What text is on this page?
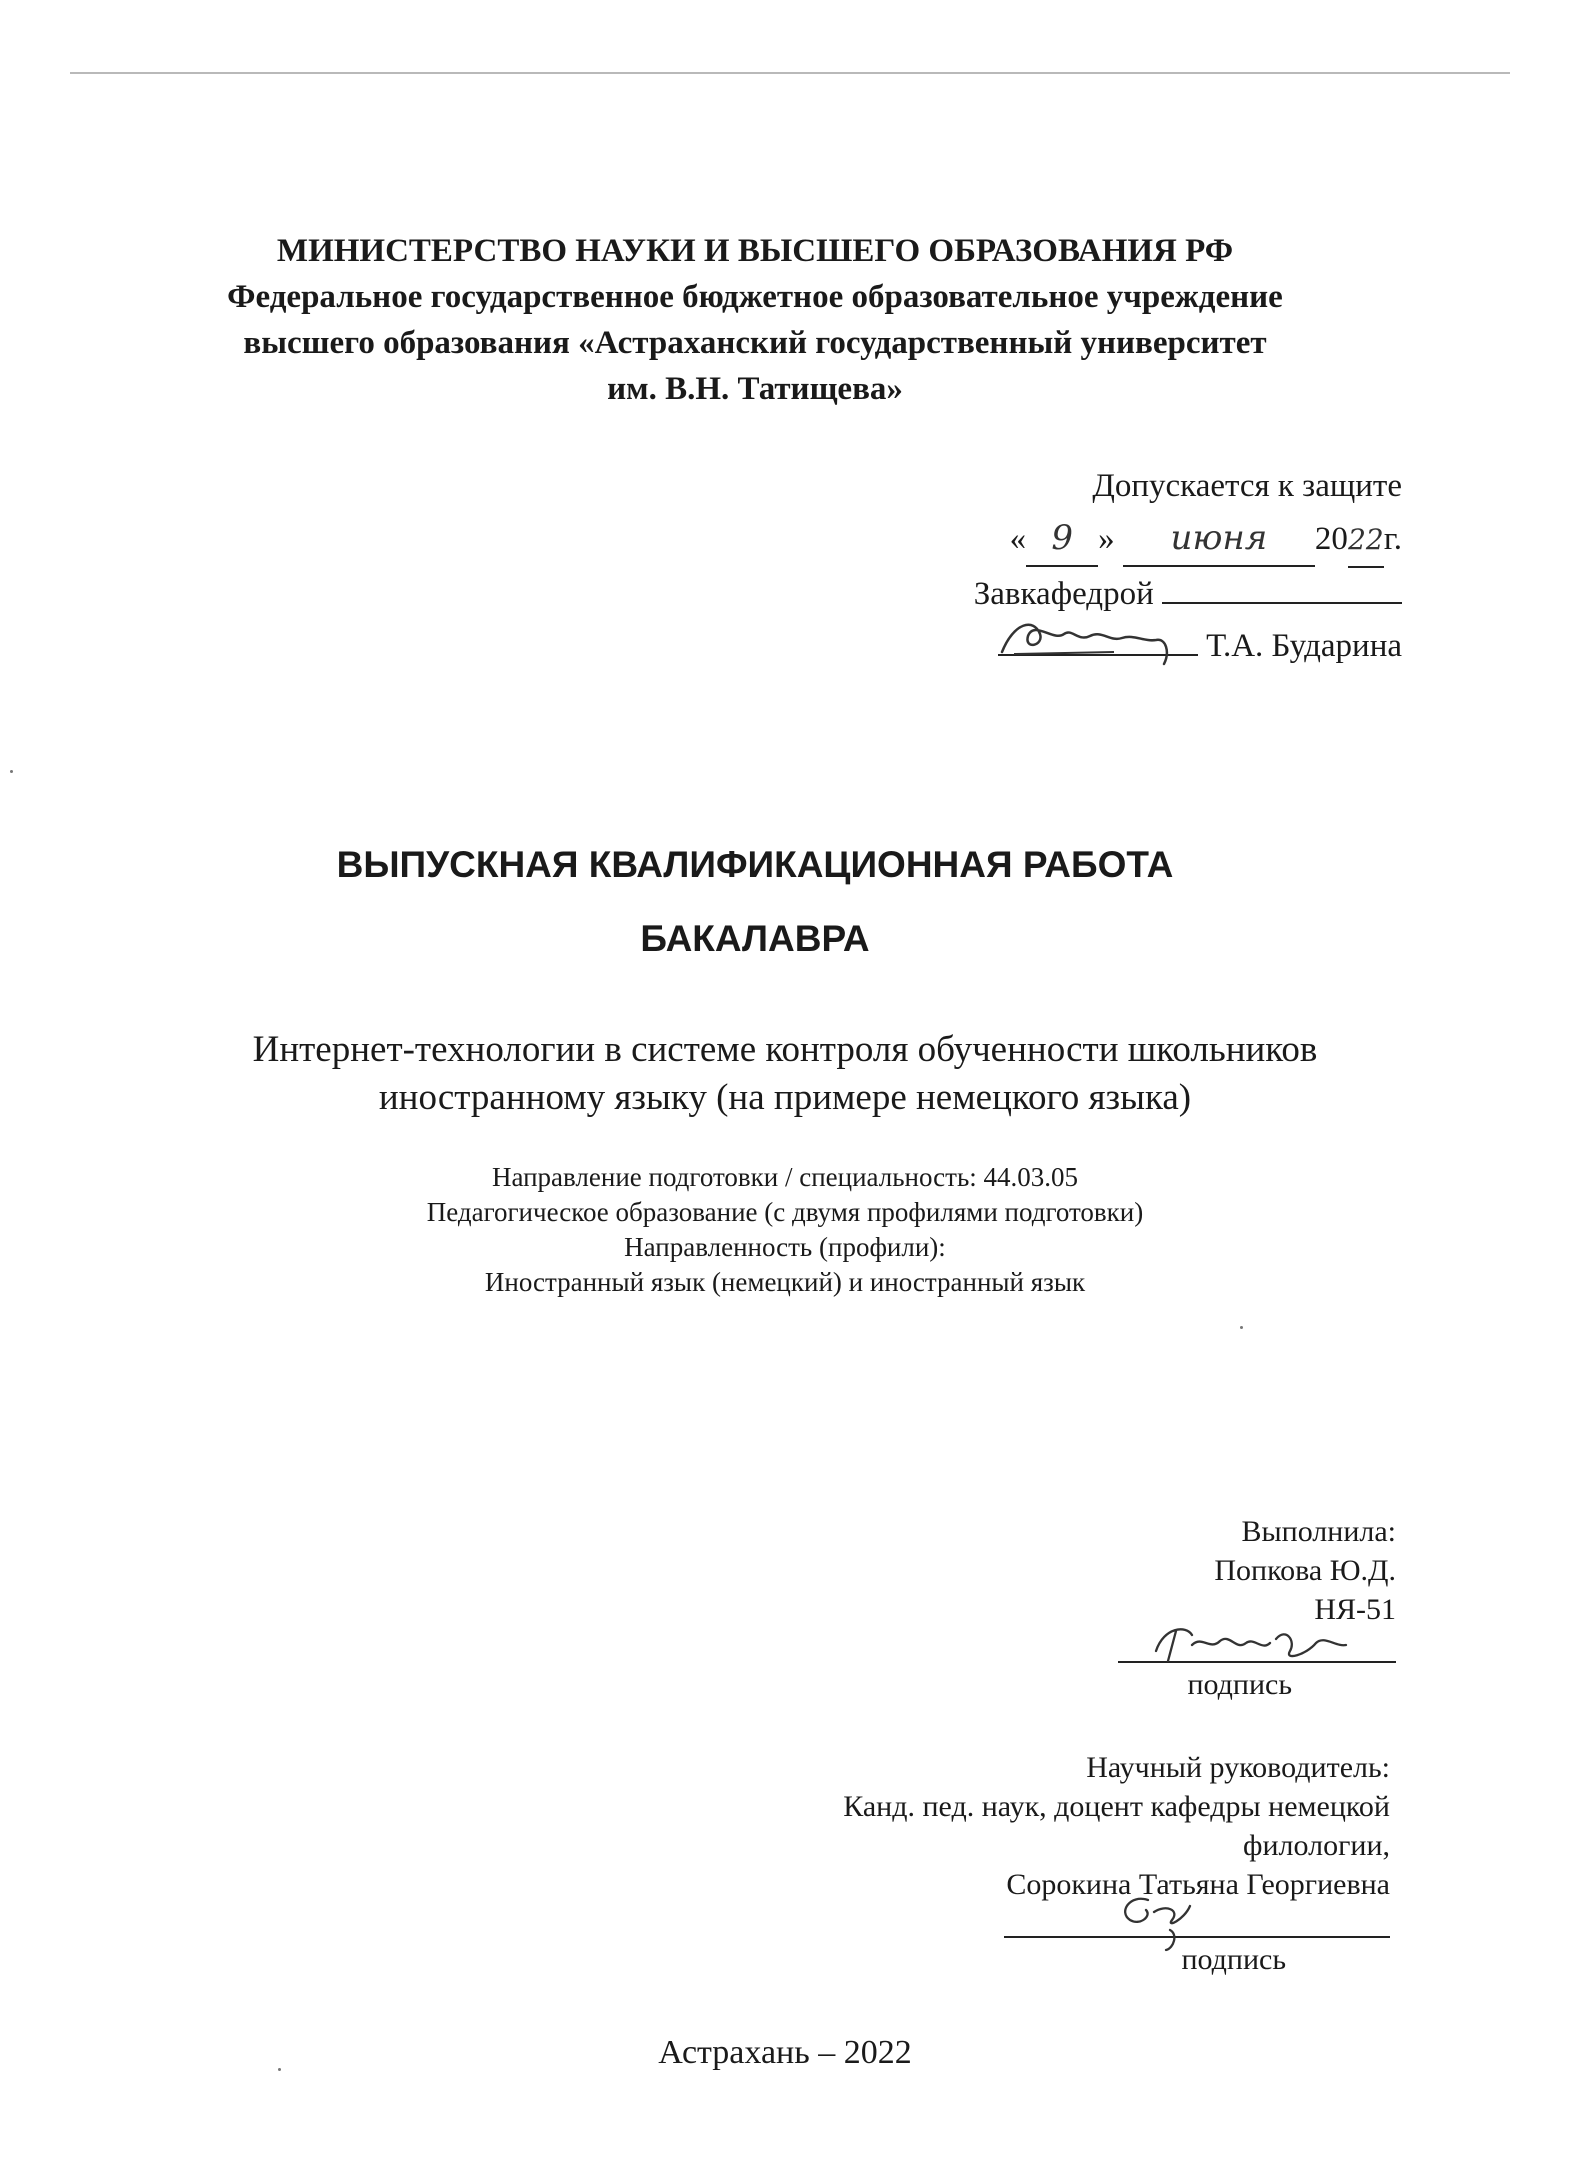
МИНИСТЕРСТВО НАУКИ И ВЫСШЕГО ОБРАЗОВАНИЯ РФ
Федеральное государственное бюджетное образовательное учреждение
высшего образования «Астраханский государственный университет
им. В.Н. Татищева»
Допускается к защите
« 9 » июня 2022г.
Завкафедрой
Т.А. Бударина
ВЫПУСКНАЯ КВАЛИФИКАЦИОННАЯ РАБОТА
БАКАЛАВРА
Интернет-технологии в системе контроля обученности школьников
иностранному языку (на примере немецкого языка)
Направление подготовки / специальность: 44.03.05
Педагогическое образование (с двумя профилями подготовки)
Направленность (профили):
Иностранный язык (немецкий) и иностранный язык
Выполнила:
Попкова Ю.Д.
НЯ-51
подпись
Научный руководитель:
Канд. пед. наук, доцент кафедры немецкой
филологии,
Сорокина Татьяна Георгиевна
подпись
Астрахань – 2022
